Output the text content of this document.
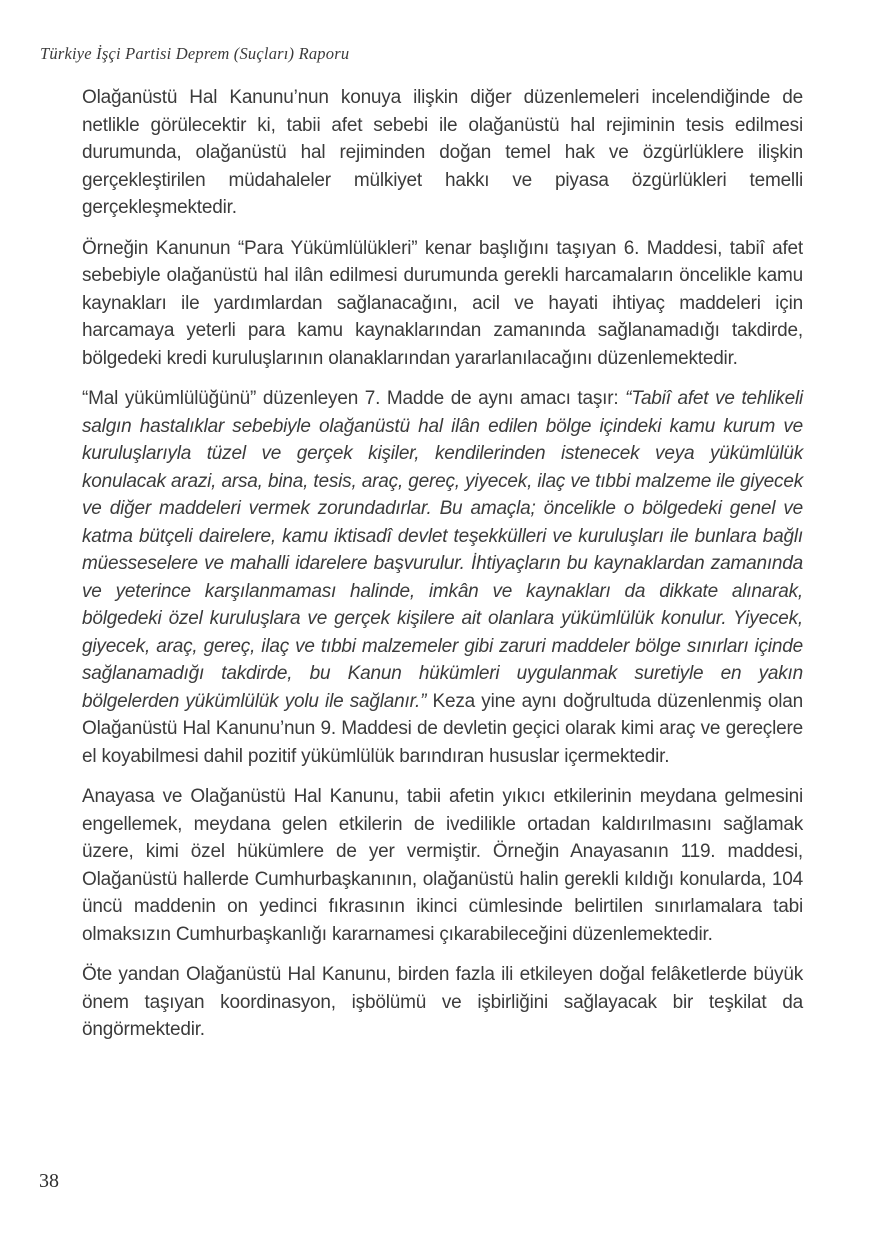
Türkiye İşçi Partisi Deprem (Suçları) Raporu

Olağanüstü Hal Kanunu’nun konuya ilişkin diğer düzenlemeleri incelendiğinde de netlikle görülecektir ki, tabii afet sebebi ile olağanüstü hal rejiminin tesis edilmesi durumunda, olağanüstü hal rejiminden doğan temel hak ve özgürlüklere ilişkin gerçekleştirilen müdahaleler mülkiyet hakkı ve piyasa özgürlükleri temelli gerçekleşmektedir.

Örneğin Kanunun “Para Yükümlülükleri” kenar başlığını taşıyan 6. Maddesi, tabiî afet sebebiyle olağanüstü hal ilân edilmesi durumunda gerekli harcamaların öncelikle kamu kaynakları ile yardımlardan sağlanacağını, acil ve hayati ihtiyaç maddeleri için harcamaya yeterli para kamu kaynaklarından zamanında sağlanamadığı takdirde, bölgedeki kredi kuruluşlarının olanaklarından yararlanılacağını düzenlemektedir.

“Mal yükümlülüğünü” düzenleyen 7. Madde de aynı amacı taşır: “Tabiî afet ve tehlikeli salgın hastalıklar sebebiyle olağanüstü hal ilân edilen bölge içindeki kamu kurum ve kuruluşlarıyla tüzel ve gerçek kişiler, kendilerinden istenecek veya yükümlülük konulacak arazi, arsa, bina, tesis, araç, gereç, yiyecek, ilaç ve tıbbi malzeme ile giyecek ve diğer maddeleri vermek zorundadırlar. Bu amaçla; öncelikle o bölgedeki genel ve katma bütçeli dairelere, kamu iktisadî devlet teşekkülleri ve kuruluşları ile bunlara bağlı müesseselere ve mahalli idarelere başvurulur. İhtiyaçların bu kaynaklardan zamanında ve yeterince karşılanmaması halinde, imkân ve kaynakları da dikkate alınarak, bölgedeki özel kuruluşlara ve gerçek kişilere ait olanlara yükümlülük konulur. Yiyecek, giyecek, araç, gereç, ilaç ve tıbbi malzemeler gibi zaruri maddeler bölge sınırları içinde sağlanamadığı takdirde, bu Kanun hükümleri uygulanmak suretiyle en yakın bölgelerden yükümlülük yolu ile sağlanır.” Keza yine aynı doğrultuda düzenlenmiş olan Olağanüstü Hal Kanunu’nun 9. Maddesi de devletin geçici olarak kimi araç ve gereçlere el koyabilmesi dahil pozitif yükümlülük barındıran hususlar içermektedir.

Anayasa ve Olağanüstü Hal Kanunu, tabii afetin yıkıcı etkilerinin meydana gelmesini engellemek, meydana gelen etkilerin de ivedilikle ortadan kaldırılmasını sağlamak üzere, kimi özel hükümlere de yer vermiştir. Örneğin Anayasanın 119. maddesi, Olağanüstü hallerde Cumhurbaşkanının, olağanüstü halin gerekli kıldığı konularda, 104 üncü maddenin on yedinci fıkrasının ikinci cümlesinde belirtilen sınırlamalara tabi olmaksızın Cumhurbaşkanlığı kararnamesi çıkarabileceğini düzenlemektedir.

Öte yandan Olağanüstü Hal Kanunu, birden fazla ili etkileyen doğal felâketlerde büyük önem taşıyan koordinasyon, işbölümü ve işbirliğini sağlayacak bir teşkilat da öngörmektedir.

38
